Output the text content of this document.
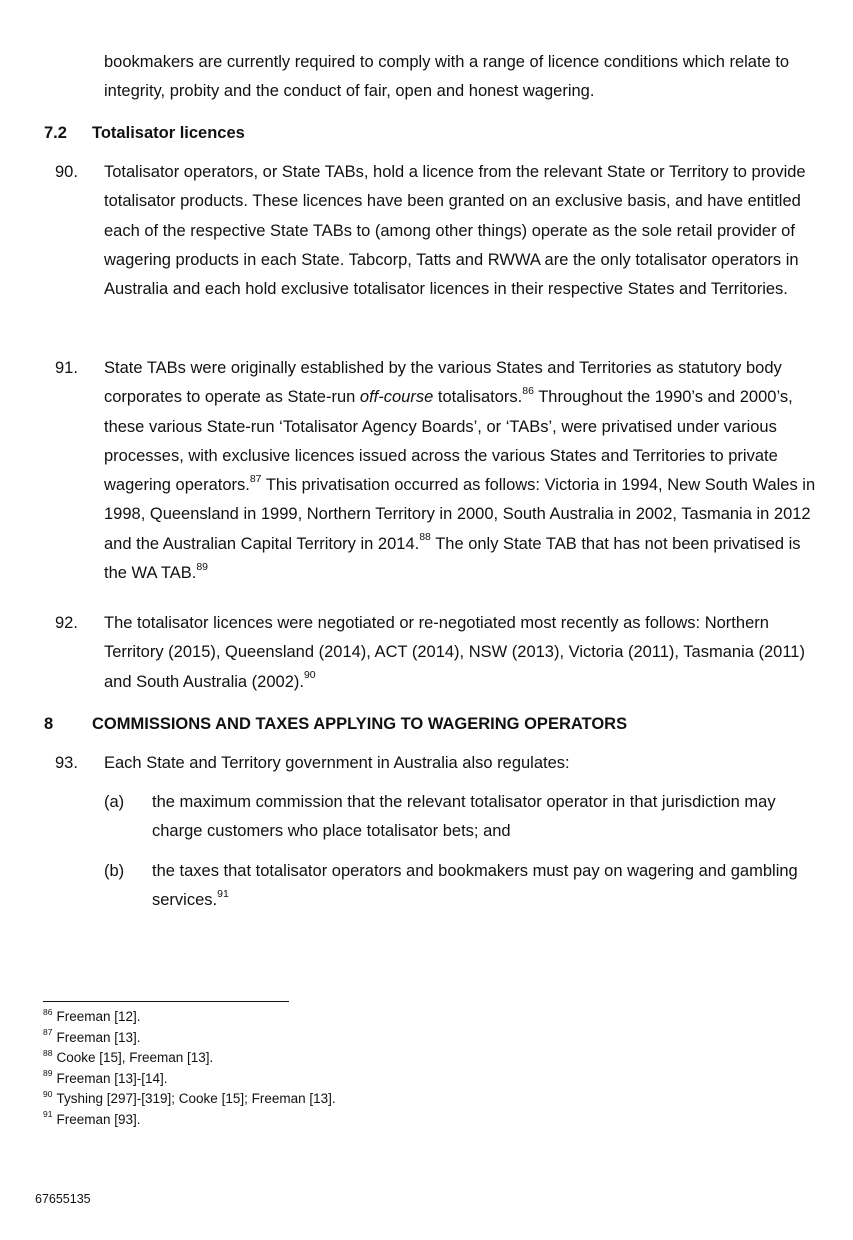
bookmakers are currently required to comply with a range of licence conditions which relate to integrity, probity and the conduct of fair, open and honest wagering.
7.2 Totalisator licences
90. Totalisator operators, or State TABs, hold a licence from the relevant State or Territory to provide totalisator products. These licences have been granted on an exclusive basis, and have entitled each of the respective State TABs to (among other things) operate as the sole retail provider of wagering products in each State. Tabcorp, Tatts and RWWA are the only totalisator operators in Australia and each hold exclusive totalisator licences in their respective States and Territories.
91. State TABs were originally established by the various States and Territories as statutory body corporates to operate as State-run off-course totalisators.$^{86}$ Throughout the 1990’s and 2000’s, these various State-run ‘Totalisator Agency Boards’, or ‘TABs’, were privatised under various processes, with exclusive licences issued across the various States and Territories to private wagering operators.$^{87}$ This privatisation occurred as follows: Victoria in 1994, New South Wales in 1998, Queensland in 1999, Northern Territory in 2000, South Australia in 2002, Tasmania in 2012 and the Australian Capital Territory in 2014.88 The only State TAB that has not been privatised is the WA TAB.$^{89}$
92. The totalisator licences were negotiated or re-negotiated most recently as follows: Northern Territory (2015), Queensland (2014), ACT (2014), NSW (2013), Victoria (2011), Tasmania (2011) and South Australia (2002).$^{90}$
8 COMMISSIONS AND TAXES APPLYING TO WAGERING OPERATORS
93. Each State and Territory government in Australia also regulates:
(a) the maximum commission that the relevant totalisator operator in that jurisdiction may charge customers who place totalisator bets; and
(b) the taxes that totalisator operators and bookmakers must pay on wagering and gambling services.$^{91}$
$^{86}$ Freeman [12].
$^{87}$ Freeman [13].
$^{88}$ Cooke [15], Freeman [13].
$^{89}$ Freeman [13]-[14].
$^{90}$ Tyshing [297]-[319]; Cooke [15]; Freeman [13].
$^{91}$ Freeman [93].
67655135
